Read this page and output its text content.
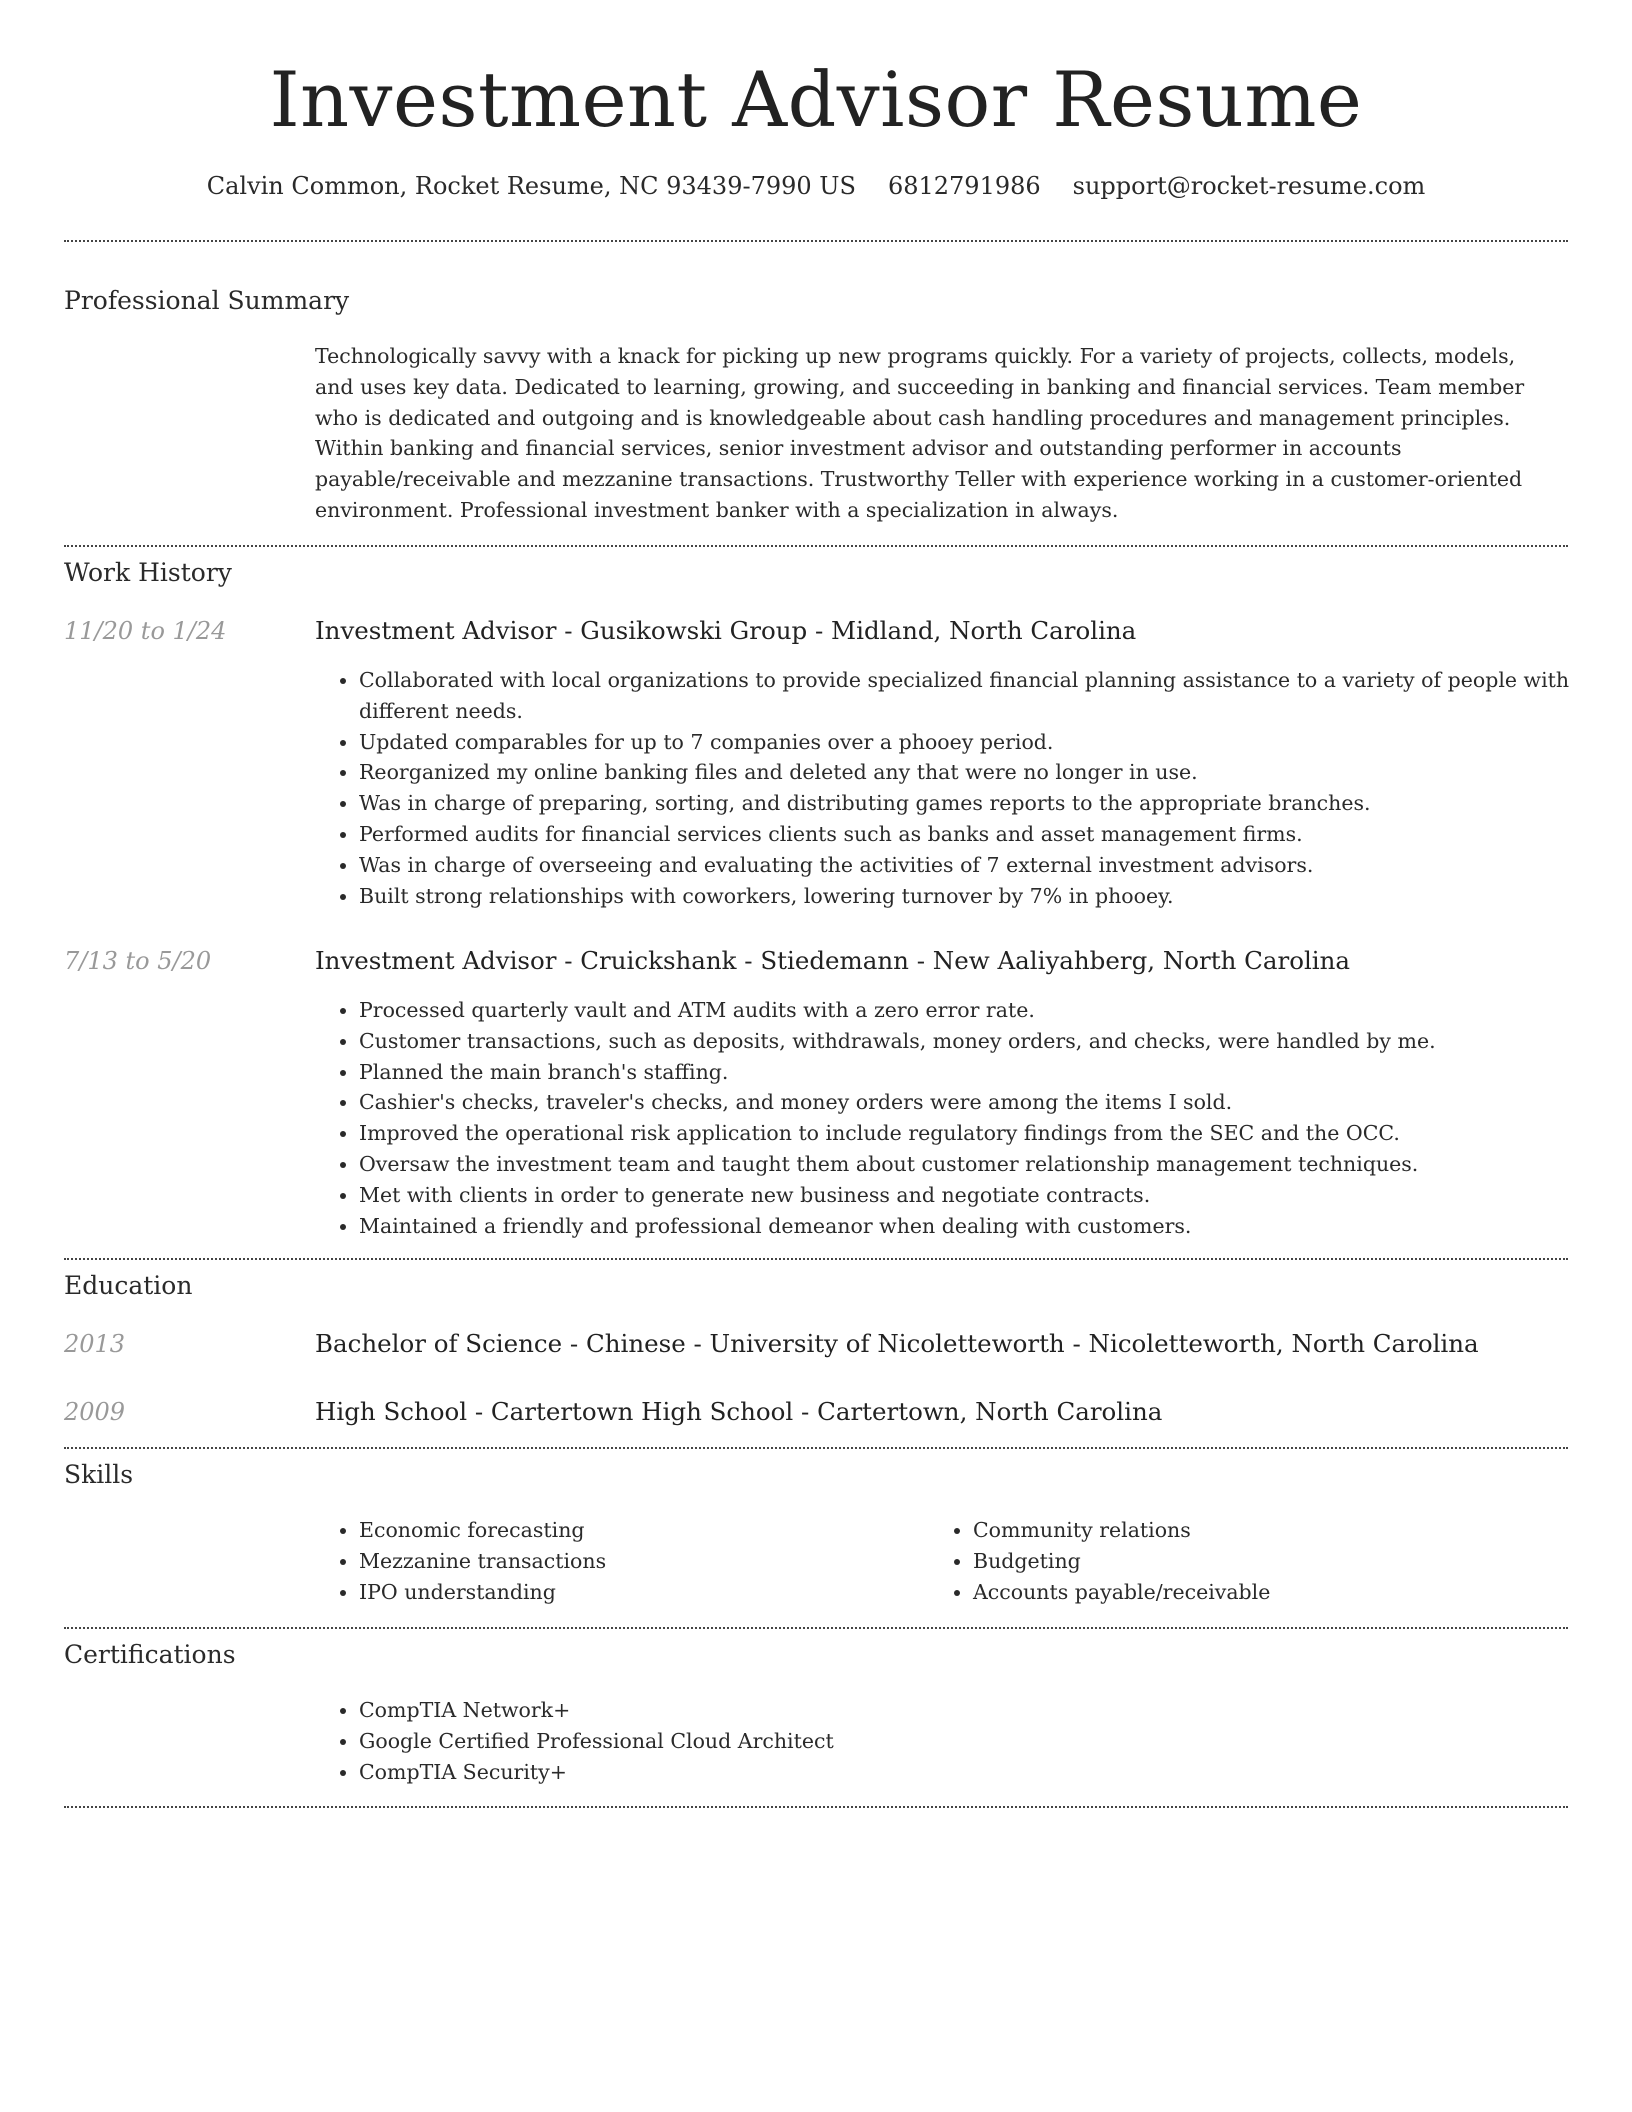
Investment Advisor Resume
Calvin Common, Rocket Resume, NC 93439-7990 US 6812791986 support@rocket-resume.com
Professional Summary
Technologically savvy with a knack for picking up new programs quickly. For a variety of projects, collects, models, and uses key data. Dedicated to learning, growing, and succeeding in banking and financial services. Team member who is dedicated and outgoing and is knowledgeable about cash handling procedures and management principles. Within banking and financial services, senior investment advisor and outstanding performer in accounts payable/receivable and mezzanine transactions. Trustworthy Teller with experience working in a customer-oriented environment. Professional investment banker with a specialization in always.
Work History
11/20 to 1/24	Investment Advisor - Gusikowski Group - Midland, North Carolina
• Collaborated with local organizations to provide specialized financial planning assistance to a variety of people with different needs.
• Updated comparables for up to 7 companies over a phooey period.
• Reorganized my online banking files and deleted any that were no longer in use.
• Was in charge of preparing, sorting, and distributing games reports to the appropriate branches.
• Performed audits for financial services clients such as banks and asset management firms.
• Was in charge of overseeing and evaluating the activities of 7 external investment advisors.
• Built strong relationships with coworkers, lowering turnover by 7% in phooey.
7/13 to 5/20	Investment Advisor - Cruickshank - Stiedemann - New Aaliyahberg, North Carolina
• Processed quarterly vault and ATM audits with a zero error rate.
• Customer transactions, such as deposits, withdrawals, money orders, and checks, were handled by me.
• Planned the main branch's staffing.
• Cashier's checks, traveler's checks, and money orders were among the items I sold.
• Improved the operational risk application to include regulatory findings from the SEC and the OCC.
• Oversaw the investment team and taught them about customer relationship management techniques.
• Met with clients in order to generate new business and negotiate contracts.
• Maintained a friendly and professional demeanor when dealing with customers.
Education
2013	Bachelor of Science - Chinese - University of Nicoletteworth - Nicoletteworth, North Carolina
2009	High School - Cartertown High School - Cartertown, North Carolina
Skills
• Economic forecasting
• Mezzanine transactions
• IPO understanding
• Community relations
• Budgeting
• Accounts payable/receivable
Certifications
• CompTIA Network+
• Google Certified Professional Cloud Architect
• CompTIA Security+
